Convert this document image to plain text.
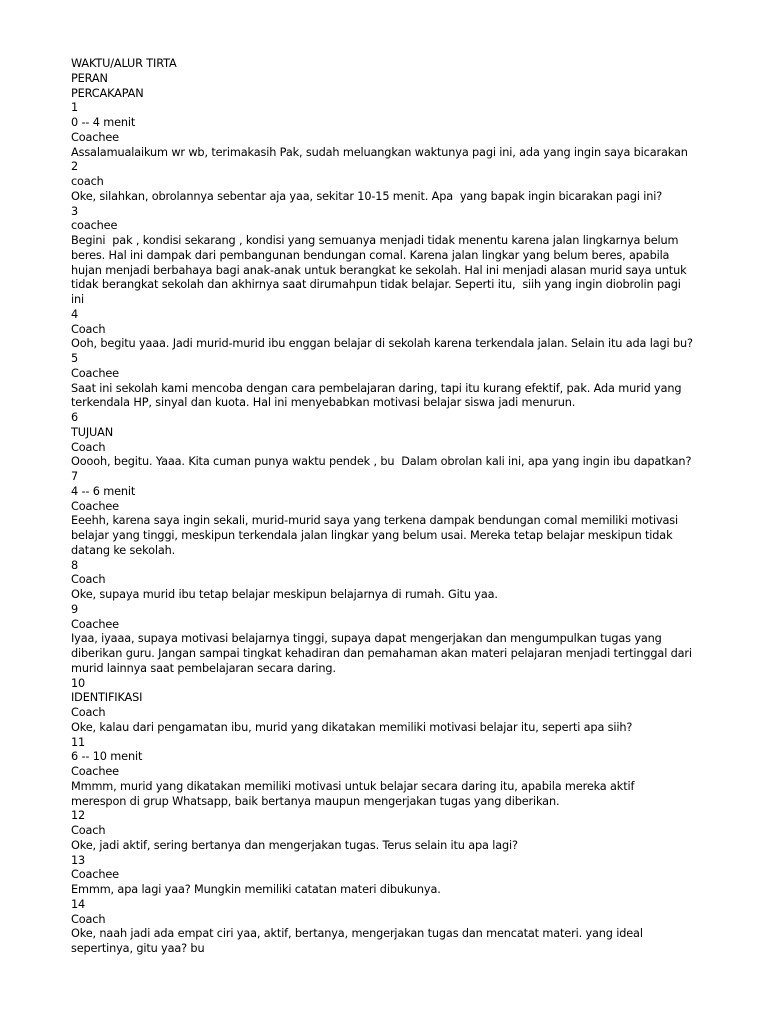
WAKTU/ALUR TIRTA
PERAN
PERCAKAPAN
1
0 -- 4 menit
Coachee
Assalamualaikum wr wb, terimakasih Pak, sudah meluangkan waktunya pagi ini, ada yang ingin saya bicarakan
2
coach
Oke, silahkan, obrolannya sebentar aja yaa, sekitar 10-15 menit. Apa  yang bapak ingin bicarakan pagi ini?
3
coachee
Begini  pak , kondisi sekarang , kondisi yang semuanya menjadi tidak menentu karena jalan lingkarnya belum
beres. Hal ini dampak dari pembangunan bendungan comal. Karena jalan lingkar yang belum beres, apabila
hujan menjadi berbahaya bagi anak-anak untuk berangkat ke sekolah. Hal ini menjadi alasan murid saya untuk
tidak berangkat sekolah dan akhirnya saat dirumahpun tidak belajar. Seperti itu,  siih yang ingin diobrolin pagi
ini
4
Coach
Ooh, begitu yaaa. Jadi murid-murid ibu enggan belajar di sekolah karena terkendala jalan. Selain itu ada lagi bu?
5
Coachee
Saat ini sekolah kami mencoba dengan cara pembelajaran daring, tapi itu kurang efektif, pak. Ada murid yang
terkendala HP, sinyal dan kuota. Hal ini menyebabkan motivasi belajar siswa jadi menurun.
6
TUJUAN
Coach
Ooooh, begitu. Yaaa. Kita cuman punya waktu pendek , bu  Dalam obrolan kali ini, apa yang ingin ibu dapatkan?
7
4 -- 6 menit
Coachee
Eeehh, karena saya ingin sekali, murid-murid saya yang terkena dampak bendungan comal memiliki motivasi
belajar yang tinggi, meskipun terkendala jalan lingkar yang belum usai. Mereka tetap belajar meskipun tidak
datang ke sekolah.
8
Coach
Oke, supaya murid ibu tetap belajar meskipun belajarnya di rumah. Gitu yaa.
9
Coachee
Iyaa, iyaaa, supaya motivasi belajarnya tinggi, supaya dapat mengerjakan dan mengumpulkan tugas yang
diberikan guru. Jangan sampai tingkat kehadiran dan pemahaman akan materi pelajaran menjadi tertinggal dari
murid lainnya saat pembelajaran secara daring.
10
IDENTIFIKASI
Coach
Oke, kalau dari pengamatan ibu, murid yang dikatakan memiliki motivasi belajar itu, seperti apa siih?
11
6 -- 10 menit
Coachee
Mmmm, murid yang dikatakan memiliki motivasi untuk belajar secara daring itu, apabila mereka aktif
merespon di grup Whatsapp, baik bertanya maupun mengerjakan tugas yang diberikan.
12
Coach
Oke, jadi aktif, sering bertanya dan mengerjakan tugas. Terus selain itu apa lagi?
13
Coachee
Emmm, apa lagi yaa? Mungkin memiliki catatan materi dibukunya.
14
Coach
Oke, naah jadi ada empat ciri yaa, aktif, bertanya, mengerjakan tugas dan mencatat materi. yang ideal
sepertinya, gitu yaa? bu
